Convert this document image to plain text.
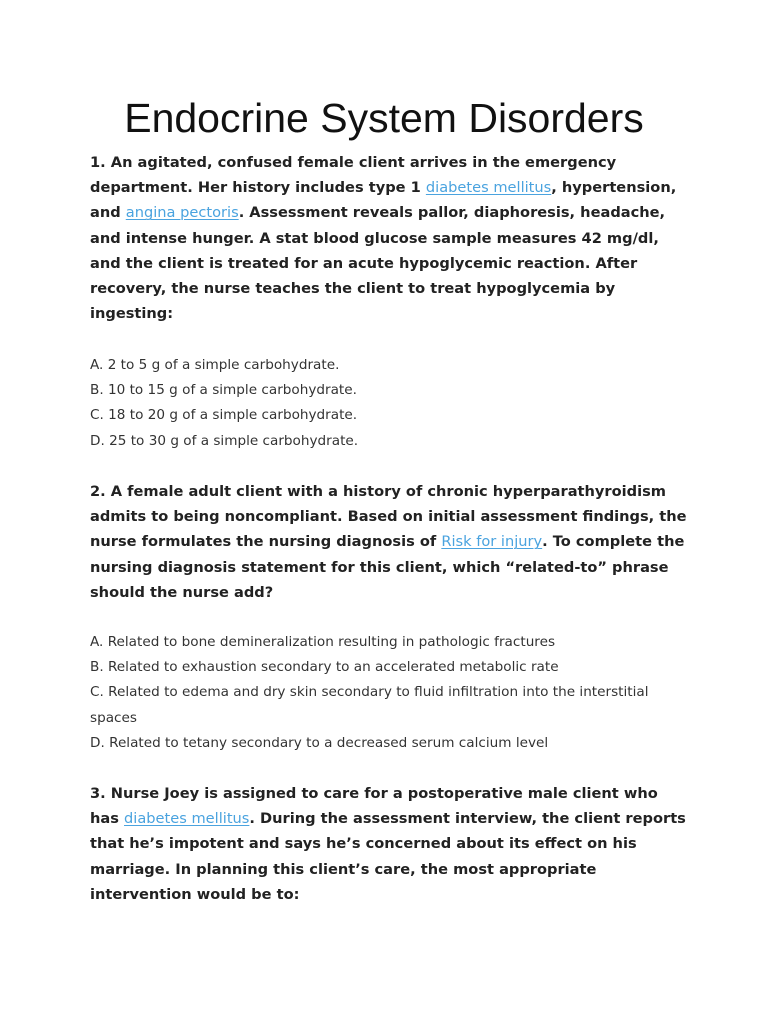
Endocrine System Disorders

1. An agitated, confused female client arrives in the emergency department. Her history includes type 1 diabetes mellitus, hypertension, and angina pectoris. Assessment reveals pallor, diaphoresis, headache, and intense hunger. A stat blood glucose sample measures 42 mg/dl, and the client is treated for an acute hypoglycemic reaction. After recovery, the nurse teaches the client to treat hypoglycemia by ingesting:

A. 2 to 5 g of a simple carbohydrate.
B. 10 to 15 g of a simple carbohydrate.
C. 18 to 20 g of a simple carbohydrate.
D. 25 to 30 g of a simple carbohydrate.

2. A female adult client with a history of chronic hyperparathyroidism admits to being noncompliant. Based on initial assessment findings, the nurse formulates the nursing diagnosis of Risk for injury. To complete the nursing diagnosis statement for this client, which “related-to” phrase should the nurse add?

A. Related to bone demineralization resulting in pathologic fractures
B. Related to exhaustion secondary to an accelerated metabolic rate
C. Related to edema and dry skin secondary to fluid infiltration into the interstitial spaces
D. Related to tetany secondary to a decreased serum calcium level

3. Nurse Joey is assigned to care for a postoperative male client who has diabetes mellitus. During the assessment interview, the client reports that he’s impotent and says he’s concerned about its effect on his marriage. In planning this client’s care, the most appropriate intervention would be to:
